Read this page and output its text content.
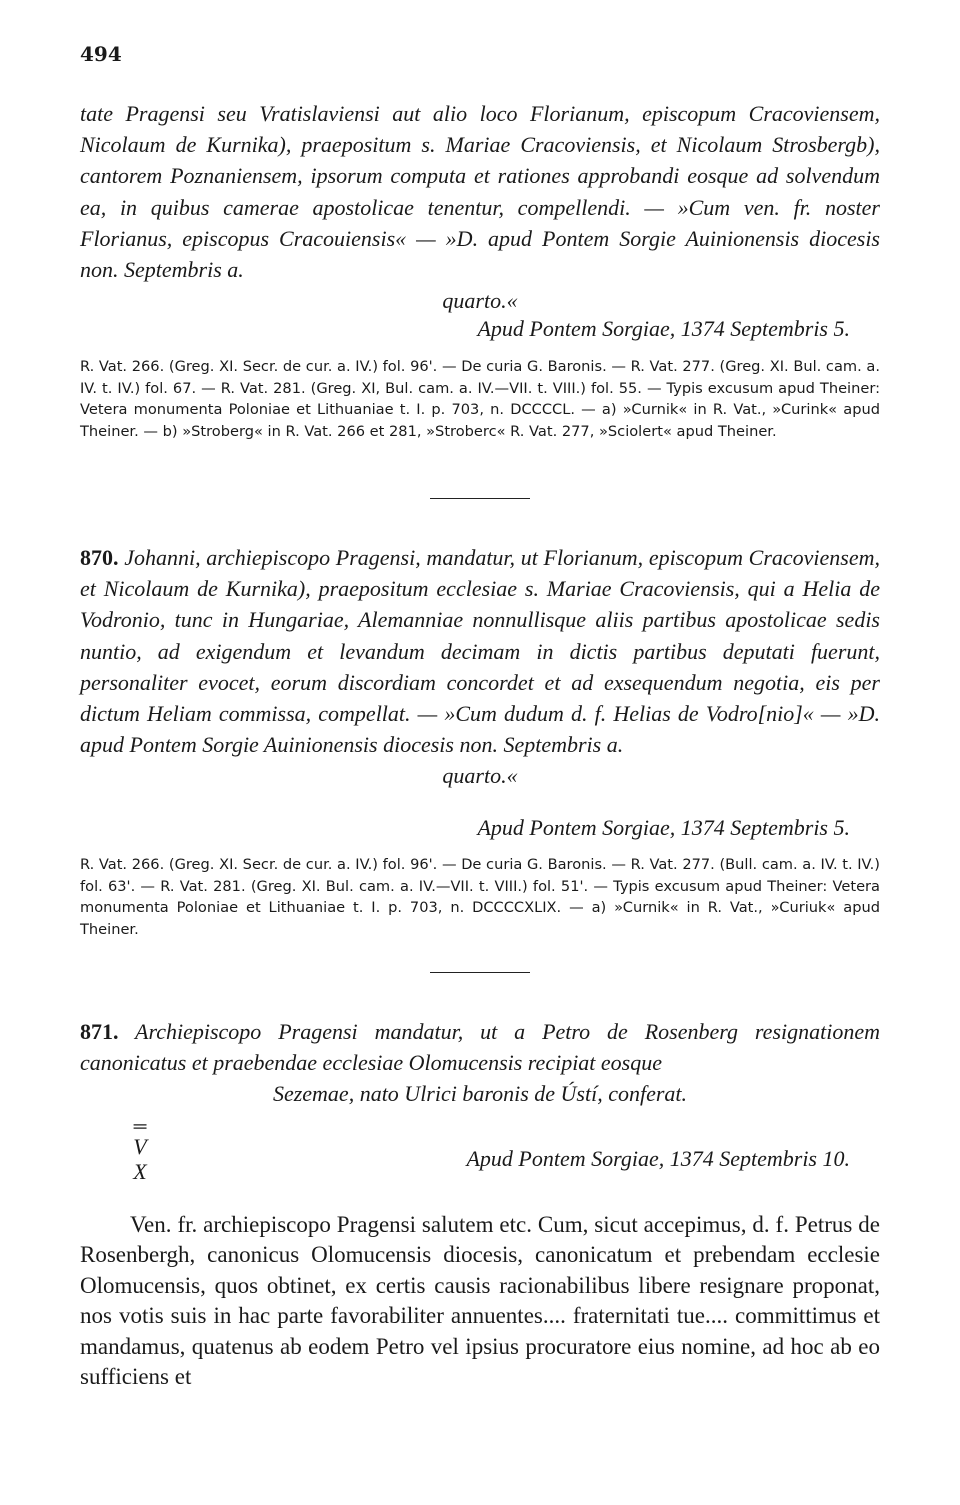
494

tate Pragensi seu Vratislaviensi aut alio loco Florianum, episcopum Cracoviensem, Nicolaum de Kurnika), praepositum s. Mariae Cracoviensis, et Nicolaum Strosbergb), cantorem Poznaniensem, ipsorum computa et rationes approbandi eosque ad solvendum ea, in quibus camerae apostolicae tenentur, compellendi. — »Cum ven. fr. noster Florianus, episcopus Cracouiensis« — »D. apud Pontem Sorgie Auinionensis diocesis non. Septembris a.

quarto.«
Apud Pontem Sorgiae, 1374 Septembris 5.

R. Vat. 266. (Greg. XI. Secr. de cur. a. IV.) fol. 96'. — De curia G. Baronis. — R. Vat. 277. (Greg. XI. Bul. cam. a. IV. t. IV.) fol. 67. — R. Vat. 281. (Greg. XI, Bul. cam. a. IV.—VII. t. VIII.) fol. 55. — Typis excusum apud Theiner: Vetera monumenta Poloniae et Lithuaniae t. I. p. 703, n. DCCCCL. — a) »Curnik« in R. Vat., »Curink« apud Theiner. — b) »Stroberg« in R. Vat. 266 et 281, »Stroberc« R. Vat. 277, »Sciolert« apud Theiner.

870. Johanni, archiepiscopo Pragensi, mandatur, ut Florianum, episcopum Cracoviensem, et Nicolaum de Kurnika), praepositum ecclesiae s. Mariae Cracoviensis, qui a Helia de Vodronio, tunc in Hungariae, Alemanniae nonnullisque aliis partibus apostolicae sedis nuntio, ad exigendum et levandum decimam in dictis partibus deputati fuerunt, personaliter evocet, eorum discordiam concordet et ad exsequendum negotia, eis per dictum Heliam commissa, compellat. — »Cum dudum d. f. Helias de Vodro[nio]« — »D. apud Pontem Sorgie Auinionensis diocesis non. Septembris a.

quarto.«
Apud Pontem Sorgiae, 1374 Septembris 5.

R. Vat. 266. (Greg. XI. Secr. de cur. a. IV.) fol. 96'. — De curia G. Baronis. — R. Vat. 277. (Bull. cam. a. IV. t. IV.) fol. 63'. — R. Vat. 281. (Greg. XI. Bul. cam. a. IV.—VII. t. VIII.) fol. 51'. — Typis excusum apud Theiner: Vetera monumenta Poloniae et Lithuaniae t. I. p. 703, n. DCCCCXLIX. — a) »Curnik« in R. Vat., »Curiuk« apud Theiner.

871. Archiepiscopo Pragensi mandatur, ut a Petro de Rosenberg resignationem canonicatus et praebendae ecclesiae Olomucensis recipiat eosque

Sezemae, nato Ulrici baronis de Ústí, conferat.
═
V
X
Apud Pontem Sorgiae, 1374 Septembris 10.

Ven. fr. archiepiscopo Pragensi salutem etc. Cum, sicut accepimus, d. f. Petrus de Rosenbergh, canonicus Olomucensis diocesis, canonicatum et prebendam ecclesie Olomucensis, quos obtinet, ex certis causis racionabilibus libere resignare proponat, nos votis suis in hac parte favorabiliter annuentes.... fraternitati tue.... committimus et mandamus, quatenus ab eodem Petro vel ipsius procuratore eius nomine, ad hoc ab eo sufficiens et
